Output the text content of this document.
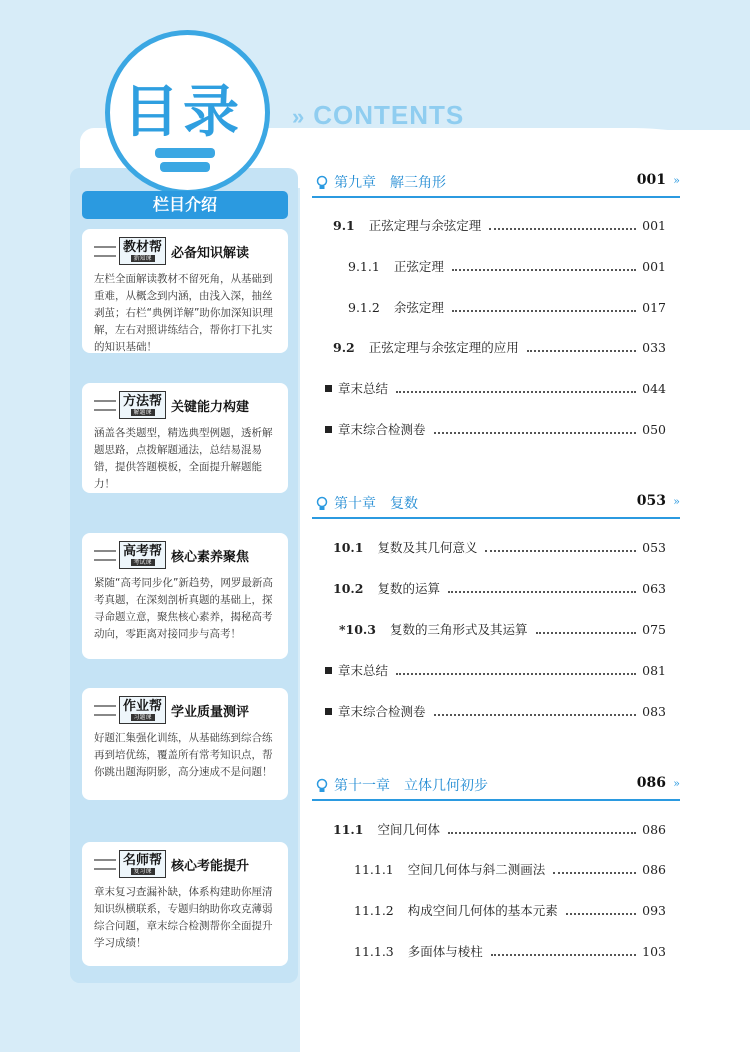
目录 » CONTENTS
栏目介绍
教材帮
新知课 必备知识解读
左栏全面解读教材不留死角，从基础到重难，从概念到内涵，由浅入深，抽丝剥茧；右栏“典例详解”助你加深知识理解，左右对照讲练结合，帮你打下扎实的知识基础！
方法帮
解题课 关键能力构建
涵盖各类题型，精选典型例题，透析解题思路，点拨解题通法，总结易混易错，提供答题模板，全面提升解题能力！
高考帮
考试课 核心素养聚焦
紧随“高考同步化”新趋势，网罗最新高考真题，在深刻剖析真题的基础上，探寻命题立意，聚焦核心素养，揭秘高考动向，零距离对接同步与高考！
作业帮
习题课 学业质量测评
好题汇集强化训练，从基础练到综合练再到培优练，覆盖所有常考知识点，帮你跳出题海阴影，高分速成不是问题！
名师帮
复习课 核心考能提升
章末复习查漏补缺，体系构建助你厘清知识纵横联系，专题归纳助你攻克薄弱综合问题，章末综合检测帮你全面提升学习成绩！
第九章　解三角形	001 »
第十章　复数	053 »
第十一章　立体几何初步	086 »
9.1 正弦定理与余弦定理	001
9.1.1 正弦定理	001
9.1.2 余弦定理	017
9.2 正弦定理与余弦定理的应用	033
章末总结	044
章末综合检测卷	050
10.1 复数及其几何意义	053
10.2 复数的运算	063
*10.3 复数的三角形式及其运算	075
章末总结	081
章末综合检测卷	083
11.1 空间几何体	086
11.1.1 空间几何体与斜二测画法	086
11.1.2 构成空间几何体的基本元素	093
11.1.3 多面体与棱柱	103
